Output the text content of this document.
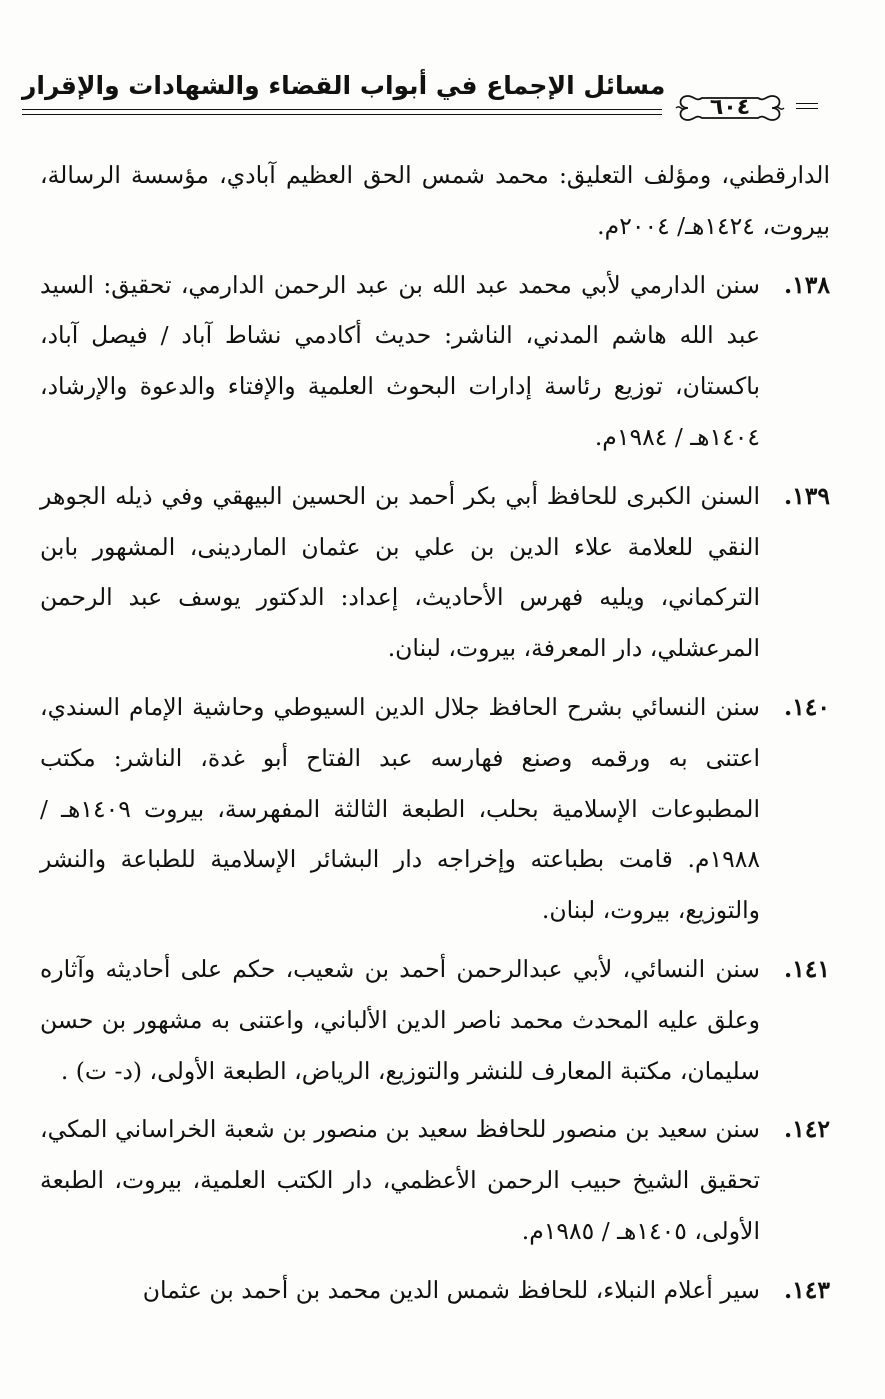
مسائل الإجماع في أبواب القضاء والشهادات والإقرار
٦٠٤

الدارقطني، ومؤلف التعليق: محمد شمس الحق العظيم آبادي، مؤسسة الرسالة، بيروت، ١٤٢٤هـ/ ٢٠٠٤م.

١٣٨.
سنن الدارمي لأبي محمد عبد الله بن عبد الرحمن الدارمي، تحقيق: السيد عبد الله هاشم المدني، الناشر: حديث أكادمي نشاط آباد / فيصل آباد، باكستان، توزيع رئاسة إدارات البحوث العلمية والإفتاء والدعوة والإرشاد، ١٤٠٤هـ / ١٩٨٤م.
١٣٩.
السنن الكبرى للحافظ أبي بكر أحمد بن الحسين البيهقي وفي ذيله الجوهر النقي للعلامة علاء الدين بن علي بن عثمان الماردينى، المشهور بابن التركماني، ويليه فهرس الأحاديث، إعداد: الدكتور يوسف عبد الرحمن المرعشلي، دار المعرفة، بيروت، لبنان.
١٤٠.
سنن النسائي بشرح الحافظ جلال الدين السيوطي وحاشية الإمام السندي، اعتنى به ورقمه وصنع فهارسه عبد الفتاح أبو غدة، الناشر: مكتب المطبوعات الإسلامية بحلب، الطبعة الثالثة المفهرسة، بيروت ١٤٠٩هـ / ١٩٨٨م. قامت بطباعته وإخراجه دار البشائر الإسلامية للطباعة والنشر والتوزيع، بيروت، لبنان.
١٤١.
سنن النسائي، لأبي عبدالرحمن أحمد بن شعيب، حكم على أحاديثه وآثاره وعلق عليه المحدث محمد ناصر الدين الألباني، واعتنى به مشهور بن حسن سليمان، مكتبة المعارف للنشر والتوزيع، الرياض، الطبعة الأولى، (د- ت) .
١٤٢.
سنن سعيد بن منصور للحافظ سعيد بن منصور بن شعبة الخراساني المكي، تحقيق الشيخ حبيب الرحمن الأعظمي، دار الكتب العلمية، بيروت، الطبعة الأولى، ١٤٠٥هـ / ١٩٨٥م.
١٤٣.
سير أعلام النبلاء، للحافظ شمس الدين محمد بن أحمد بن عثمان
